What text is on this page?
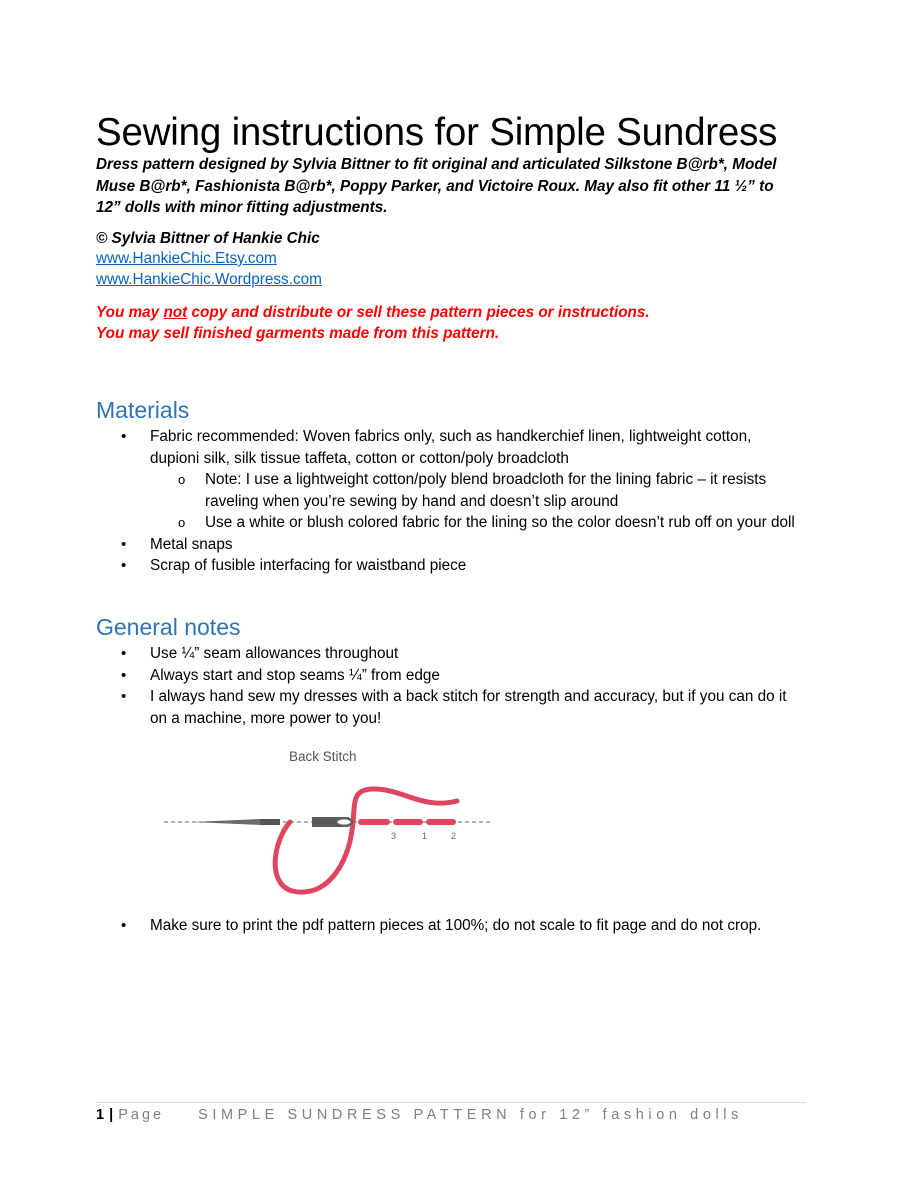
Sewing instructions for Simple Sundress

Dress pattern designed by Sylvia Bittner to fit original and articulated Silkstone B@rb*, Model Muse B@rb*, Fashionista B@rb*, Poppy Parker, and Victoire Roux. May also fit other 11 ½” to 12” dolls with minor fitting adjustments.

© Sylvia Bittner of Hankie Chic

www.HankieChic.Etsy.com
www.HankieChic.Wordpress.com

You may not copy and distribute or sell these pattern pieces or instructions.

You may sell finished garments made from this pattern.

Materials
• Fabric recommended: Woven fabrics only, such as handkerchief linen, lightweight cotton, dupioni silk, silk tissue taffeta, cotton or cotton/poly broadcloth
o Note: I use a lightweight cotton/poly blend broadcloth for the lining fabric – it resists raveling when you’re sewing by hand and doesn’t slip around
o Use a white or blush colored fabric for the lining so the color doesn’t rub off on your doll
• Metal snaps
• Scrap of fusible interfacing for waistband piece
General notes
• Use ¼” seam allowances throughout
• Always start and stop seams ¼” from edge
• I always hand sew my dresses with a back stitch for strength and accuracy, but if you can do it on a machine, more power to you!
Back Stitch
3	1	2
• Make sure to print the pdf pattern pieces at 100%; do not scale to fit page and do not crop.

1 | Page SIMPLE SUNDRESS PATTERN for 12” fashion dolls
